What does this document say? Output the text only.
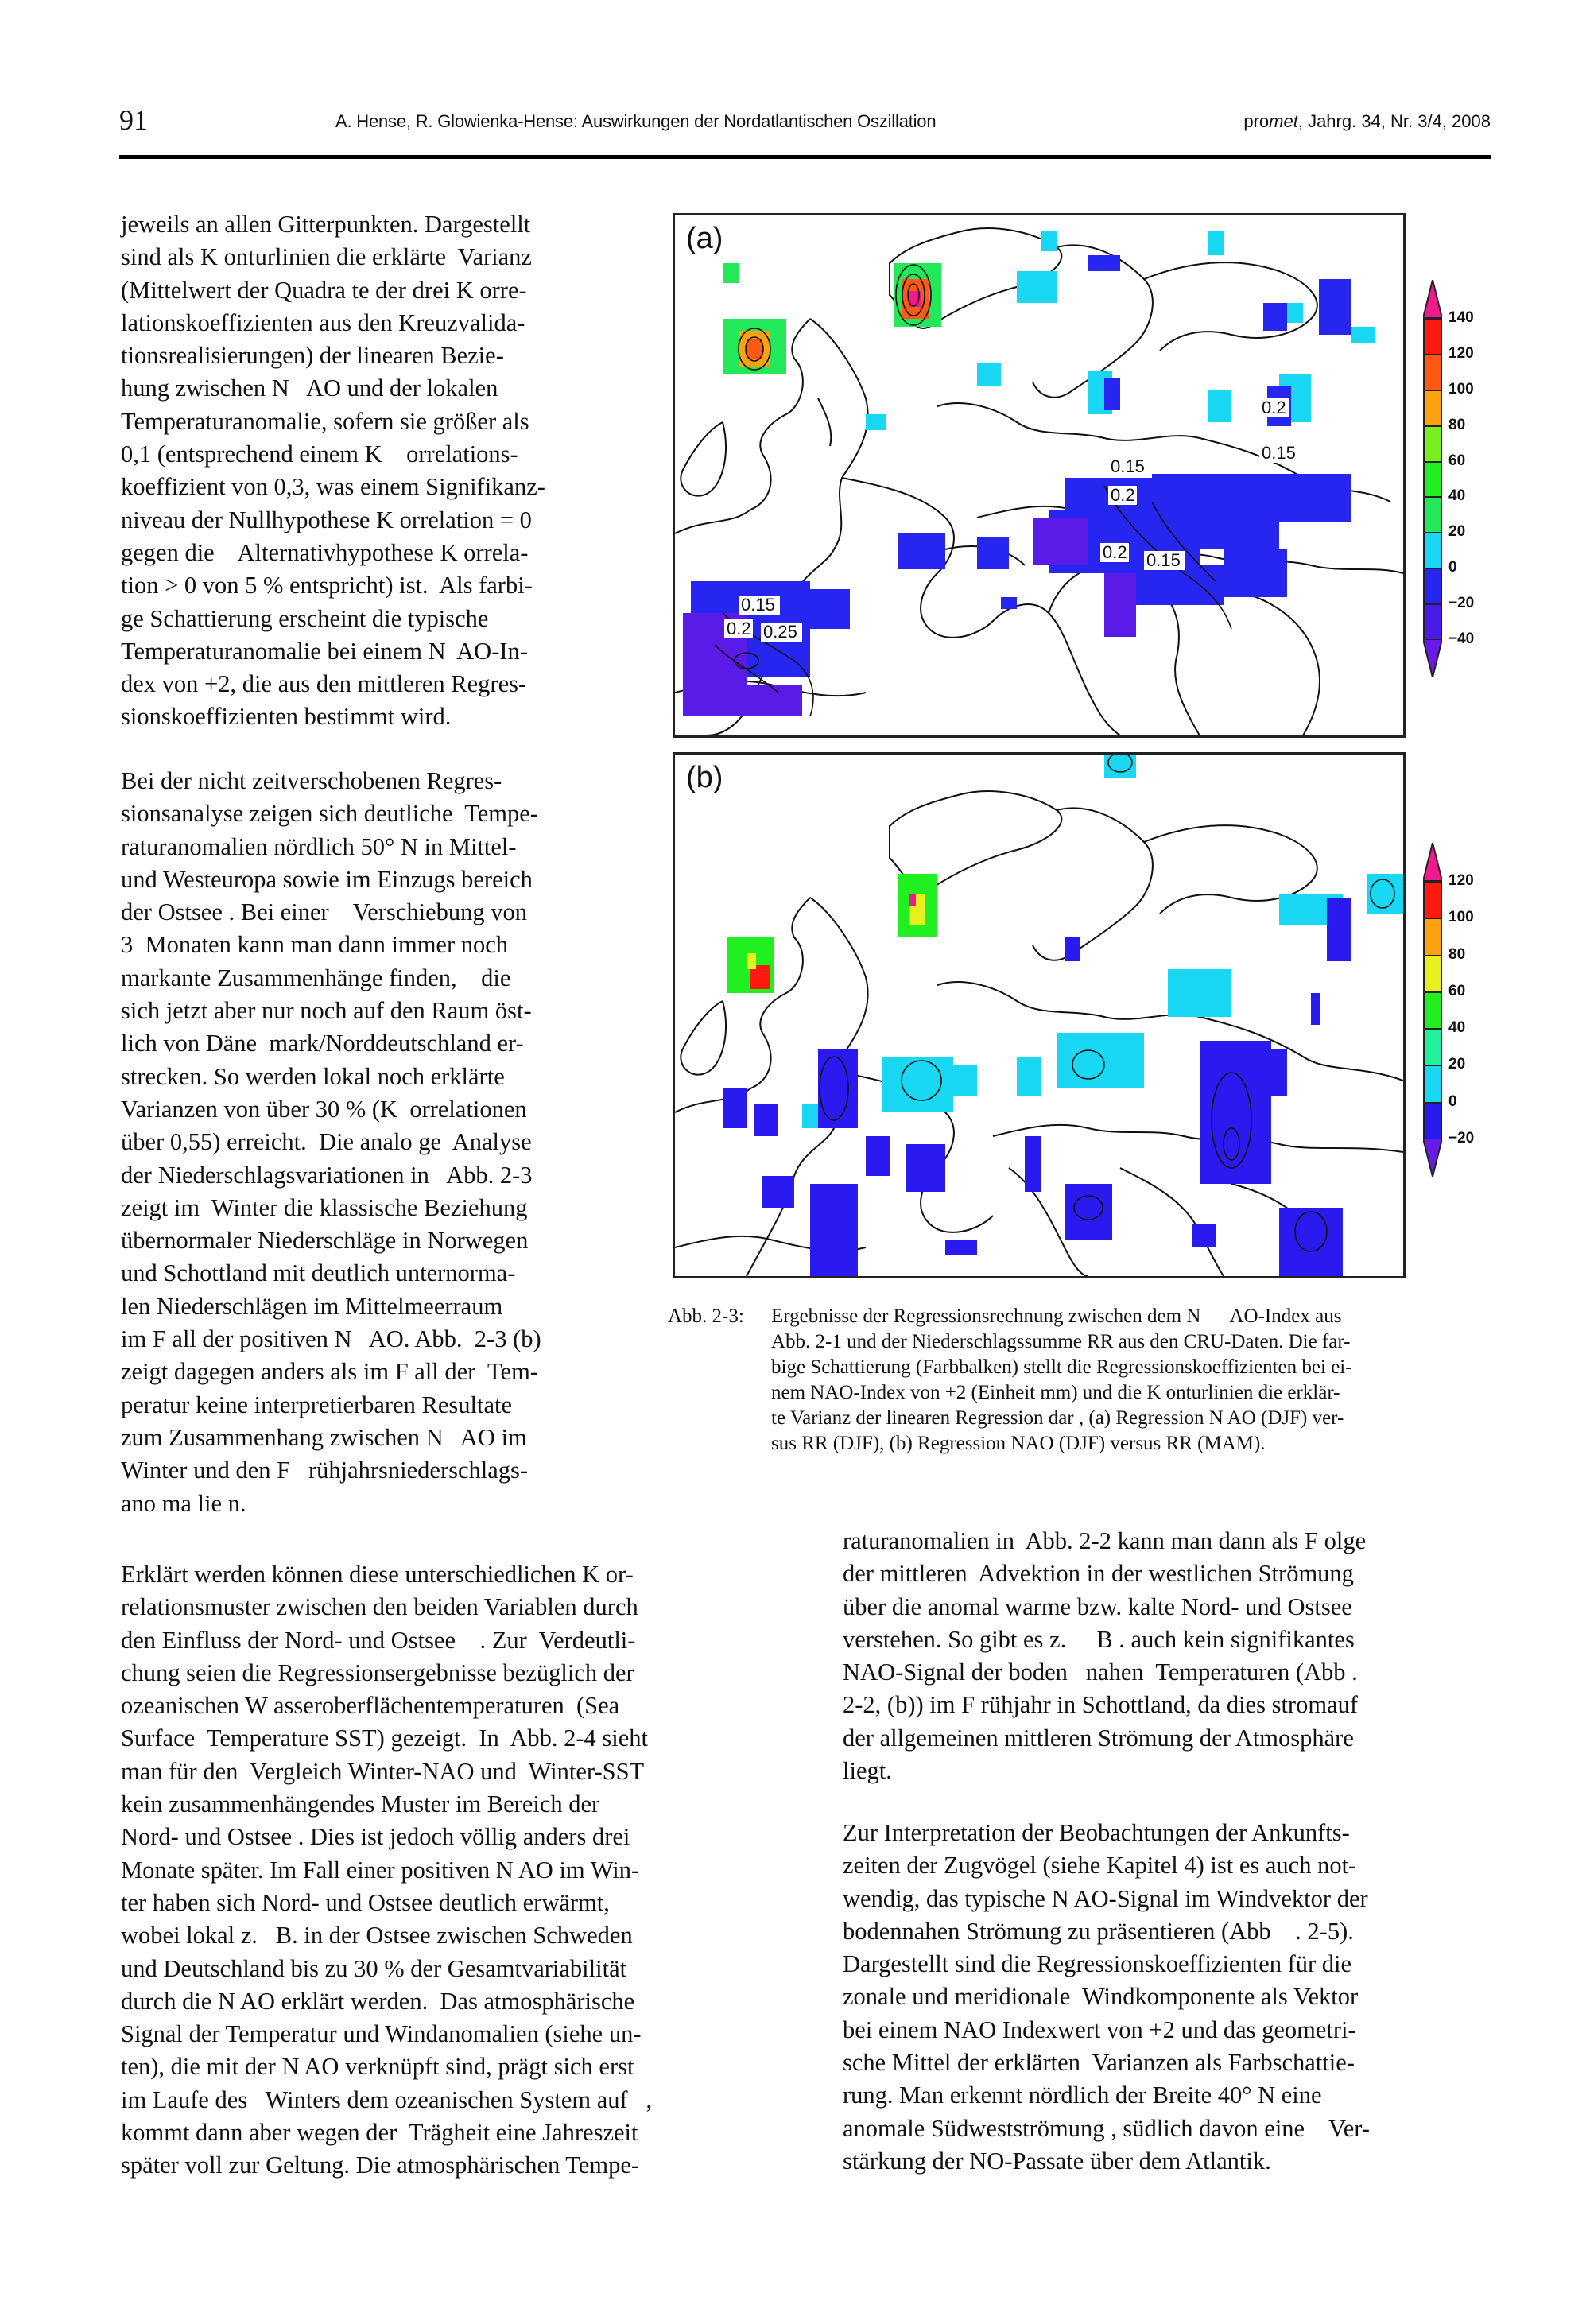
91	A. Hense, R. Glowienka-Hense: Auswirkungen der Nordatlantischen Oszillation	promet, Jahrg. 34, Nr. 3/4, 2008

jeweils an allen Gitterpunkten. Dargestellt
sind als K onturlinien die erklärte  Varianz
(Mittelwert der Quadra te der drei K orre-
lationskoeffizienten aus den Kreuzvalida-
tionsrealisierungen) der linearen Bezie-
hung zwischen N   AO und der lokalen
Temperaturanomalie, sofern sie größer als
0,1 (entsprechend einem K    orrelations-
koeffizient von 0,3, was einem Signifikanz-
niveau der Nullhypothese K orrelation = 0
gegen die    Alternativhypothese K orrela-
tion > 0 von 5 % entspricht) ist.  Als farbi-
ge Schattierung erscheint die typische
Temperaturanomalie bei einem N  AO-In-
dex von +2, die aus den mittleren Regres-
sionskoeffizienten bestimmt wird.

Bei der nicht zeitverschobenen Regres-
sionsanalyse zeigen sich deutliche  Tempe-
raturanomalien nördlich 50° N in Mittel-
und Westeuropa sowie im Einzugs bereich
der Ostsee . Bei einer    Verschiebung von
3  Monaten kann man dann immer noch
markante Zusammenhänge finden,    die
sich jetzt aber nur noch auf den Raum öst-
lich von Däne  mark/Norddeutschland er-
strecken. So werden lokal noch erklärte
Varianzen von über 30 % (K  orrelationen
über 0,55) erreicht.  Die analo ge  Analyse
der Niederschlagsvariationen in   Abb. 2-3
zeigt im  Winter die klassische Beziehung
übernormaler Niederschläge in Norwegen
und Schottland mit deutlich unternorma-
len Niederschlägen im Mittelmeerraum
im F all der positiven N   AO. Abb.  2-3 (b)
zeigt dagegen anders als im F all der  Tem-
peratur keine interpretierbaren Resultate
zum Zusammenhang zwischen N   AO im
Winter und den F   rühjahrsniederschlags-
ano ma lie n.

0.2
0.15
0.15
0.2
0.2 0.15
0.15
0.2 0.25
(a)
140
120
100
80
60
40
20
0
−20
−40
(b)
120
100
80
60
40
20
0
−20
Abb. 2-3: Ergebnisse der Regressionsrechnung zwischen dem N      AO-Index aus
Abb. 2-1 und der Niederschlagssumme RR aus den CRU-Daten. Die far-
bige Schattierung (Farbbalken) stellt die Regressionskoeffizienten bei ei-
nem NAO-Index von +2 (Einheit mm) und die K onturlinien die erklär-
te Varianz der linearen Regression dar , (a) Regression N AO (DJF) ver-
sus RR (DJF), (b) Regression NAO (DJF) versus RR (MAM).

Erklärt werden können diese unterschiedlichen K or-
relationsmuster zwischen den beiden Variablen durch
den Einfluss der Nord- und Ostsee    . Zur  Verdeutli-
chung seien die Regressionsergebnisse bezüglich der
ozeanischen W asseroberflächentemperaturen  (Sea
Surface  Temperature SST) gezeigt.  In  Abb. 2-4 sieht
man für den  Vergleich Winter-NAO und  Winter-SST
kein zusammenhängendes Muster im Bereich der
Nord- und Ostsee . Dies ist jedoch völlig anders drei
Monate später. Im Fall einer positiven N AO im Win-
ter haben sich Nord- und Ostsee deutlich erwärmt,
wobei lokal z.   B. in der Ostsee zwischen Schweden
und Deutschland bis zu 30 % der Gesamtvariabilität
durch die N AO erklärt werden.  Das atmosphärische
Signal der Temperatur und Windanomalien (siehe un-
ten), die mit der N AO verknüpft sind, prägt sich erst
im Laufe des   Winters dem ozeanischen System auf   ,
kommt dann aber wegen der  Trägheit eine Jahreszeit
später voll zur Geltung. Die atmosphärischen Tempe-

raturanomalien in  Abb. 2-2 kann man dann als F olge
der mittleren  Advektion in der westlichen Strömung
über die anomal warme bzw. kalte Nord- und Ostsee
verstehen. So gibt es z.     B . auch kein signifikantes
NAO-Signal der boden   nahen  Temperaturen (Abb .
2-2, (b)) im F rühjahr in Schottland, da dies stromauf
der allgemeinen mittleren Strömung der Atmosphäre
liegt.

Zur Interpretation der Beobachtungen der Ankunfts-
zeiten der Zugvögel (siehe Kapitel 4) ist es auch not-
wendig, das typische N AO-Signal im Windvektor der
bodennahen Strömung zu präsentieren (Abb    . 2-5).
Dargestellt sind die Regressionskoeffizienten für die
zonale und meridionale  Windkomponente als Vektor
bei einem NAO Indexwert von +2 und das geometri-
sche Mittel der erklärten  Varianzen als Farbschattie-
rung. Man erkennt nördlich der Breite 40° N eine
anomale Südwestströmung , südlich davon eine    Ver-
stärkung der NO-Passate über dem Atlantik.
